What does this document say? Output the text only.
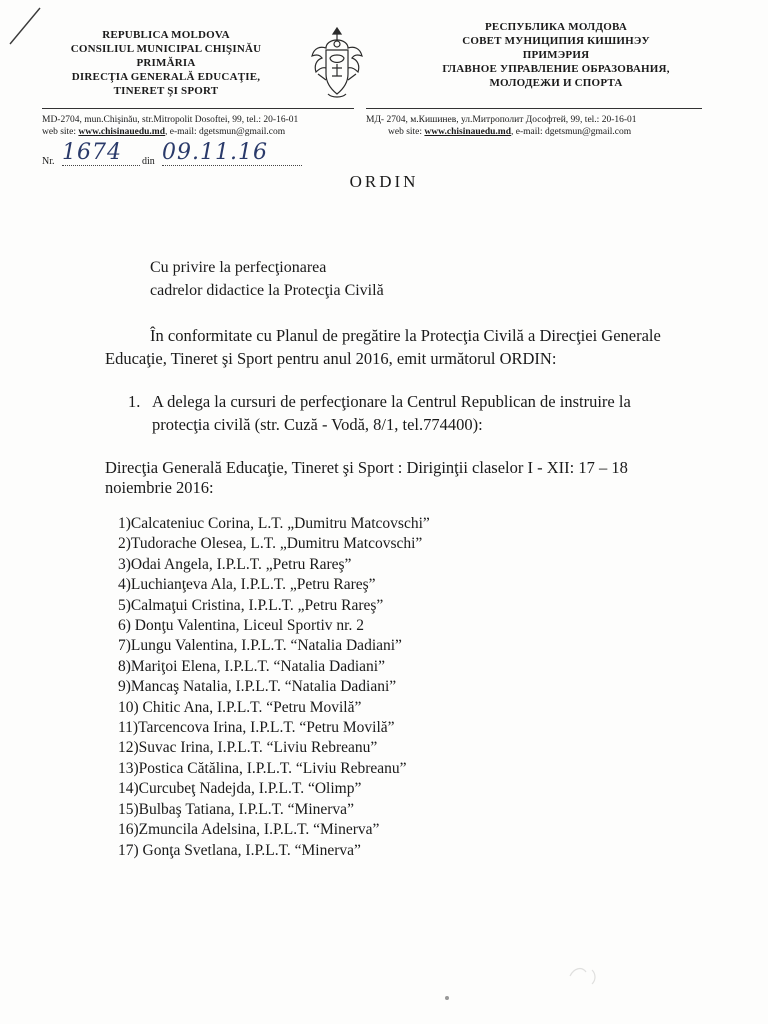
REPUBLICA MOLDOVA
CONSILIUL MUNICIPAL CHIŞINĂU
PRIMĂRIA
DIRECŢIA GENERALĂ EDUCAŢIE,
TINERET ŞI SPORT
РЕСПУБЛИКА МОЛДОВА
СОВЕТ МУНИЦИПИЯ КИШИНЭУ
ПРИМЭРИЯ
ГЛАВНОЕ УПРАВЛЕНИЕ ОБРАЗОВАНИЯ,
МОЛОДЕЖИ И СПОРТА
MD-2704, mun.Chişinău, str.Mitropolit Dosoftei, 99, tel.: 20-16-01
web site: www.chisinauedu.md, e-mail: dgetsmun@gmail.com
МД- 2704, м.Кишинев, ул.Митрополит Дософтей, 99, tel.: 20-16-01
web site: www.chisinauedu.md, e-mail: dgetsmun@gmail.com
Nr. 1674	din 09.11.16
ORDIN
Cu privire la perfecţionarea
cadrelor didactice la Protecţia Civilă
În conformitate cu Planul de pregătire la Protecţia Civilă a Direcţiei Generale Educaţie, Tineret şi Sport pentru anul 2016, emit următorul ORDIN:
1. A delega la cursuri de perfecţionare la Centrul Republican de instruire la protecţia civilă (str. Cuză - Vodă, 8/1, tel.774400):
Direcţia Generală Educaţie, Tineret şi Sport : Diriginţii claselor I - XII: 17 – 18 noiembrie 2016:
1)Calcateniuc Corina, L.T. „Dumitru Matcovschi”
2)Tudorache Olesea, L.T. „Dumitru Matcovschi”
3)Odai Angela, I.P.L.T. „Petru Rareş”
4)Luchianţeva Ala, I.P.L.T. „Petru Rareş”
5)Calmaţui Cristina, I.P.L.T. „Petru Rareş”
6) Donţu Valentina, Liceul Sportiv nr. 2
7)Lungu Valentina, I.P.L.T. “Natalia Dadiani”
8)Mariţoi Elena, I.P.L.T. “Natalia Dadiani”
9)Mancaş Natalia, I.P.L.T. “Natalia Dadiani”
10) Chitic Ana, I.P.L.T. “Petru Movilă”
11)Tarcencova Irina, I.P.L.T. “Petru Movilă”
12)Suvac Irina, I.P.L.T. “Liviu Rebreanu”
13)Postica Cătălina, I.P.L.T. “Liviu Rebreanu”
14)Curcubeţ Nadejda, I.P.L.T. “Olimp”
15)Bulbaş Tatiana, I.P.L.T. “Minerva”
16)Zmuncila Adelsina, I.P.L.T. “Minerva”
17) Gonţa Svetlana, I.P.L.T. “Minerva”
